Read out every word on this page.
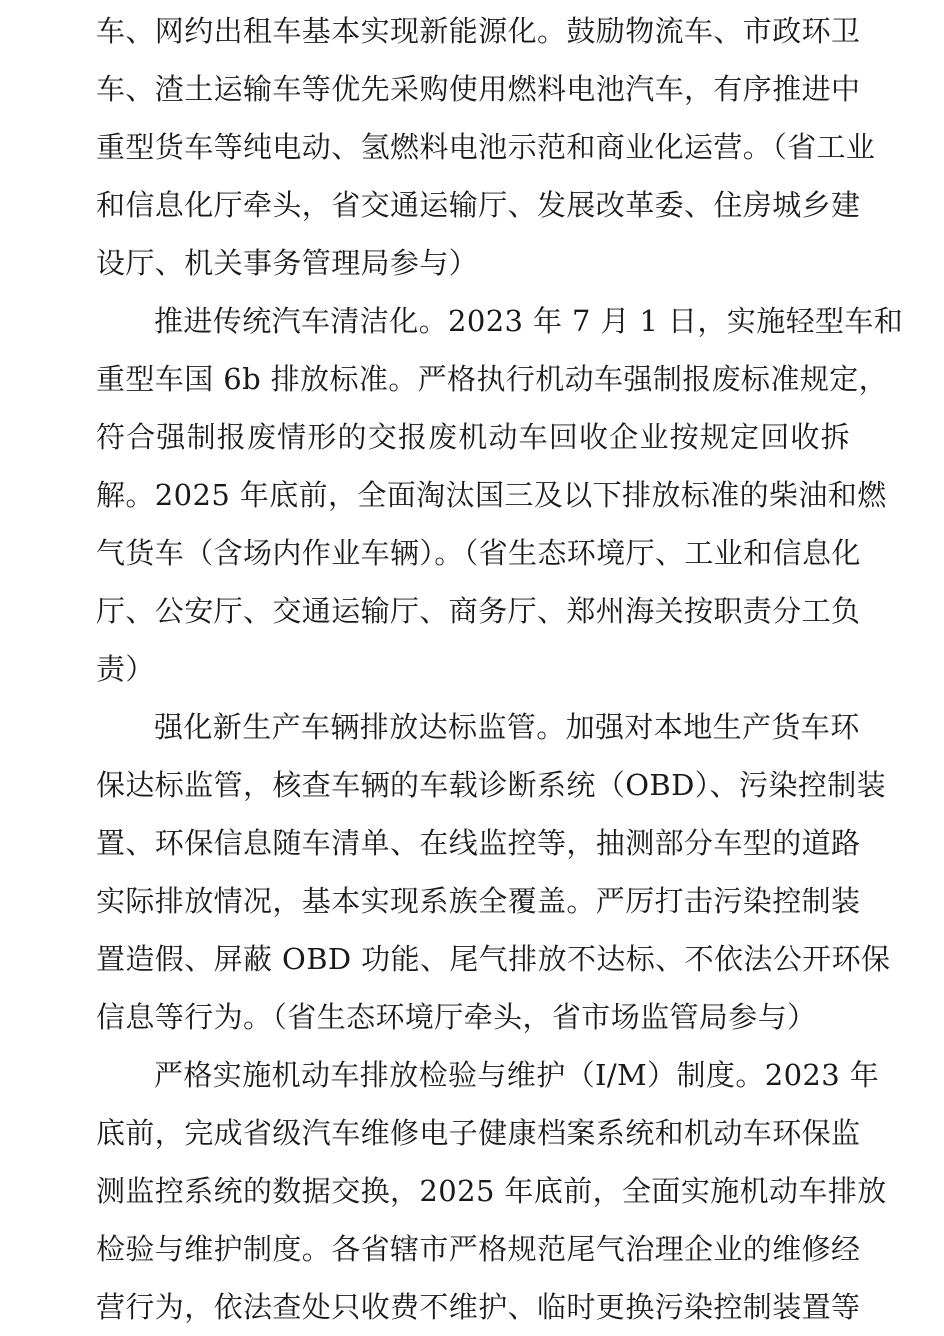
车、网约出租车基本实现新能源化。鼓励物流车、市政环卫
车、渣土运输车等优先采购使用燃料电池汽车，有序推进中
重型货车等纯电动、氢燃料电池示范和商业化运营。（省工业
和信息化厅牵头，省交通运输厅、发展改革委、住房城乡建
设厅、机关事务管理局参与）
推进传统汽车清洁化。2023 年 7 月 1 日，实施轻型车和
重型车国 6b 排放标准。严格执行机动车强制报废标准规定，
符合强制报废情形的交报废机动车回收企业按规定回收拆
解。2025 年底前，全面淘汰国三及以下排放标准的柴油和燃
气货车（含场内作业车辆）。（省生态环境厅、工业和信息化
厅、公安厅、交通运输厅、商务厅、郑州海关按职责分工负
责）
强化新生产车辆排放达标监管。加强对本地生产货车环
保达标监管，核查车辆的车载诊断系统（OBD）、污染控制装
置、环保信息随车清单、在线监控等，抽测部分车型的道路
实际排放情况，基本实现系族全覆盖。严厉打击污染控制装
置造假、屏蔽 OBD 功能、尾气排放不达标、不依法公开环保
信息等行为。（省生态环境厅牵头，省市场监管局参与）
严格实施机动车排放检验与维护（I/M）制度。2023 年
底前，完成省级汽车维修电子健康档案系统和机动车环保监
测监控系统的数据交换，2025 年底前，全面实施机动车排放
检验与维护制度。各省辖市严格规范尾气治理企业的维修经
营行为，依法查处只收费不维护、临时更换污染控制装置等
